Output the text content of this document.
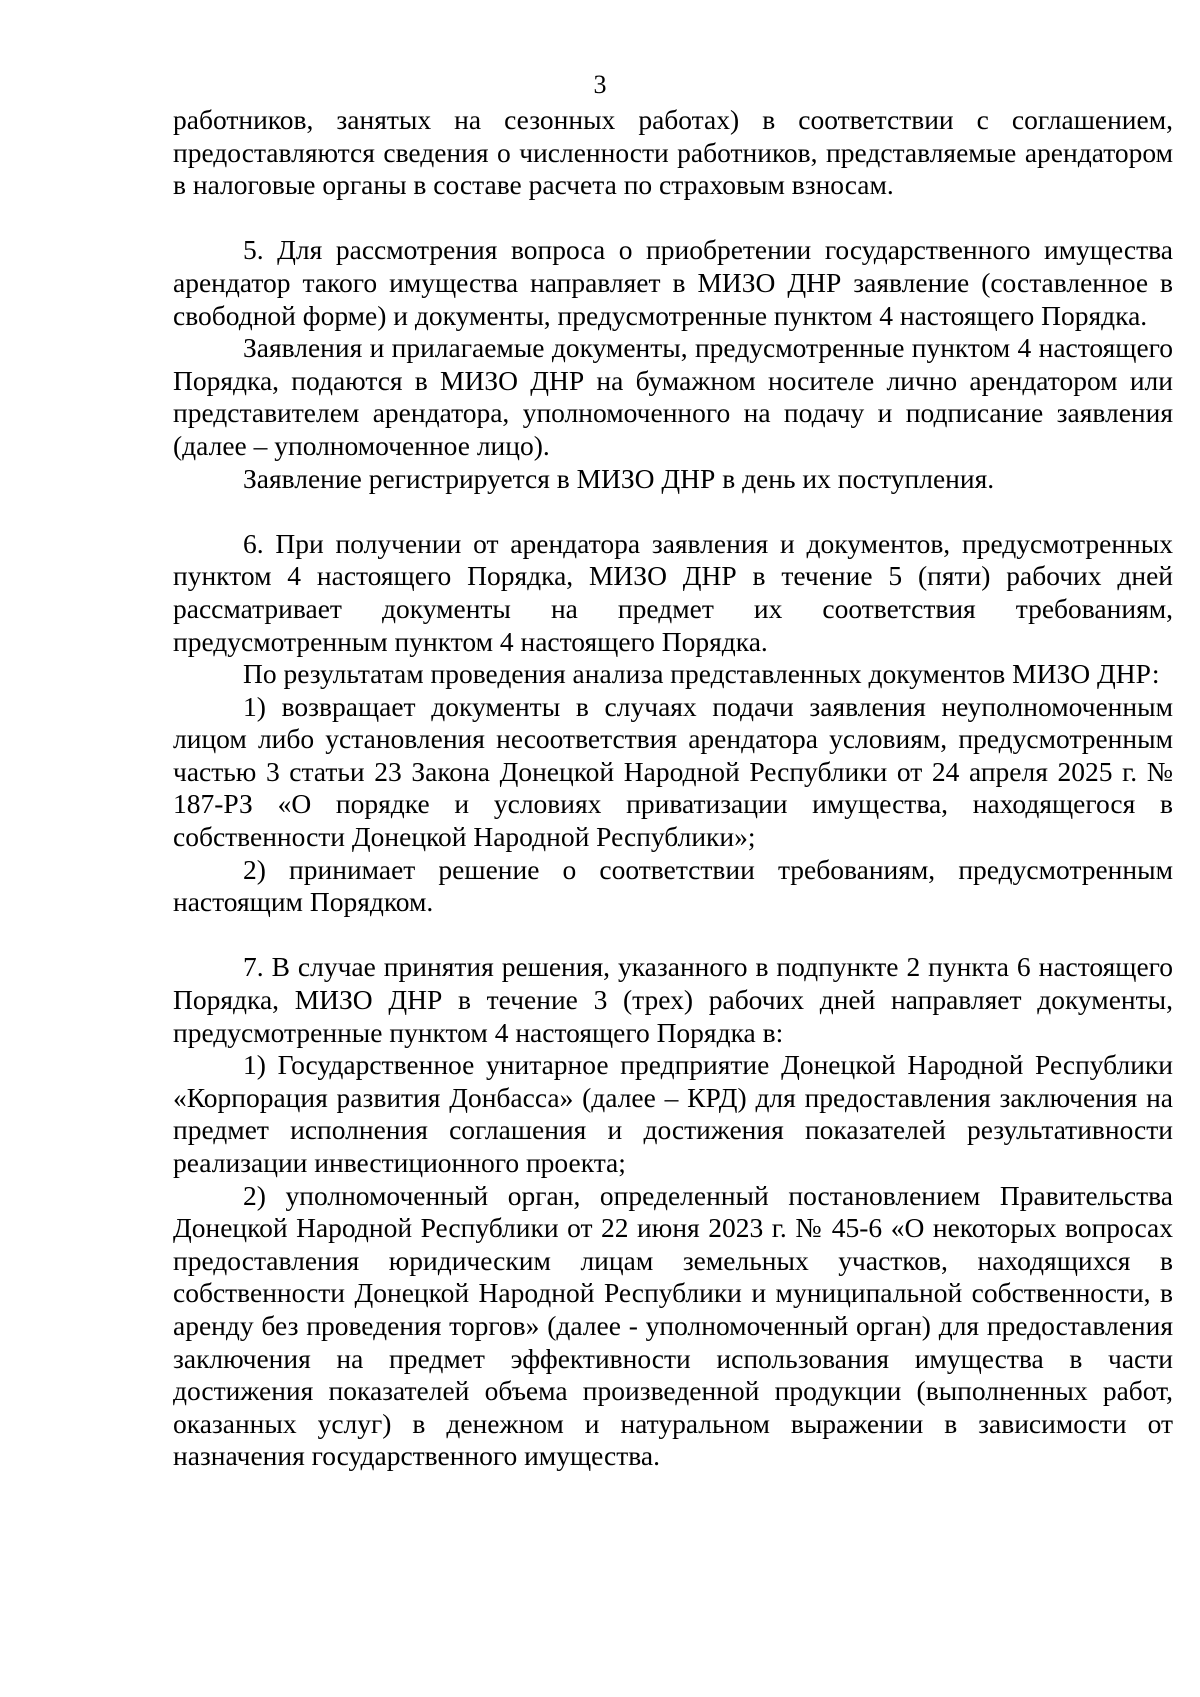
3

работников, занятых на сезонных работах) в соответствии с соглашением, предоставляются сведения о численности работников, представляемые арендатором в налоговые органы в составе расчета по страховым взносам.

5. Для рассмотрения вопроса о приобретении государственного имущества арендатор такого имущества направляет в МИЗО ДНР заявление (составленное в свободной форме) и документы, предусмотренные пунктом 4 настоящего Порядка.

Заявления и прилагаемые документы, предусмотренные пунктом 4 настоящего Порядка, подаются в МИЗО ДНР на бумажном носителе лично арендатором или представителем арендатора, уполномоченного на подачу и подписание заявления (далее – уполномоченное лицо).

Заявление регистрируется в МИЗО ДНР в день их поступления.

6. При получении от арендатора заявления и документов, предусмотренных пунктом 4 настоящего Порядка, МИЗО ДНР в течение 5 (пяти) рабочих дней рассматривает документы на предмет их соответствия требованиям, предусмотренным пунктом 4 настоящего Порядка.

По результатам проведения анализа представленных документов МИЗО ДНР:

1) возвращает документы в случаях подачи заявления неуполномоченным лицом либо установления несоответствия арендатора условиям, предусмотренным частью 3 статьи 23 Закона Донецкой Народной Республики от 24 апреля 2025 г. № 187-РЗ «О порядке и условиях приватизации имущества, находящегося в собственности Донецкой Народной Республики»;

2) принимает решение о соответствии требованиям, предусмотренным настоящим Порядком.

7. В случае принятия решения, указанного в подпункте 2 пункта 6 настоящего Порядка, МИЗО ДНР в течение 3 (трех) рабочих дней направляет документы, предусмотренные пунктом 4 настоящего Порядка в:

1) Государственное унитарное предприятие Донецкой Народной Республики «Корпорация развития Донбасса» (далее – КРД) для предоставления заключения на предмет исполнения соглашения и достижения показателей результативности реализации инвестиционного проекта;

2) уполномоченный орган, определенный постановлением Правительства Донецкой Народной Республики от 22 июня 2023 г. № 45-6 «О некоторых вопросах предоставления юридическим лицам земельных участков, находящихся в собственности Донецкой Народной Республики и муниципальной собственности, в аренду без проведения торгов» (далее - уполномоченный орган) для предоставления заключения на предмет эффективности использования имущества в части достижения показателей объема произведенной продукции (выполненных работ, оказанных услуг) в денежном и натуральном выражении в зависимости от назначения государственного имущества.
